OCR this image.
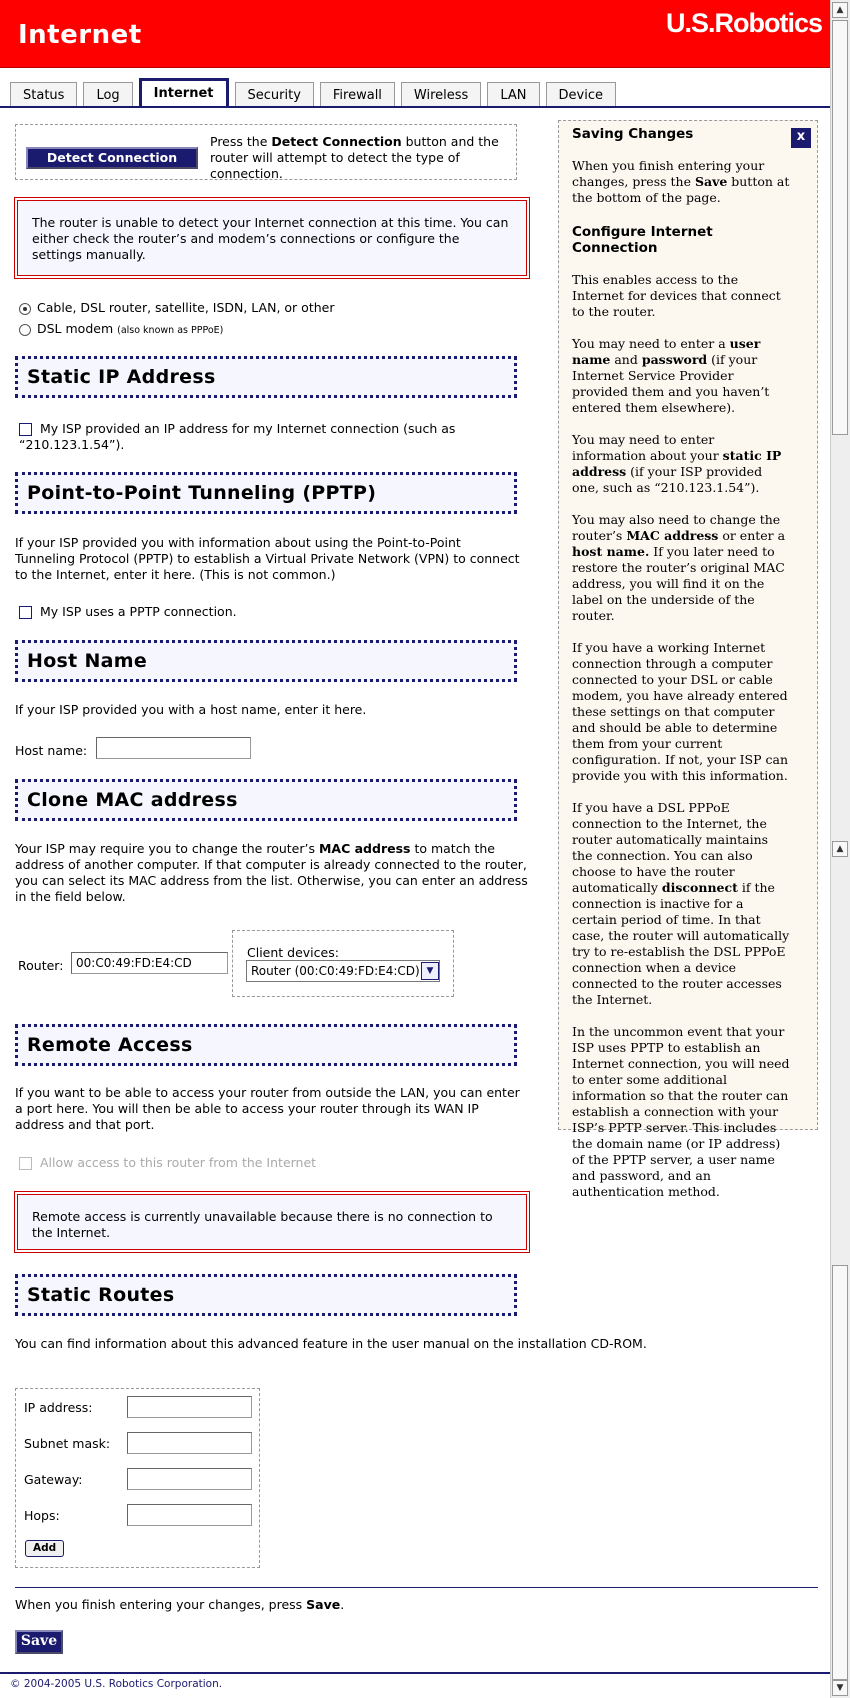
Internet	U.S.Robotics
Status	Log	Internet	Security	Firewall	Wireless	LAN	Device
Detect Connection
Press the Detect Connection button and the router will attempt to detect the type of connection.
The router is unable to detect your Internet connection at this time. You can either check the router’s and modem’s connections or configure the settings manually.
Cable, DSL router, satellite, ISDN, LAN, or other
DSL modem (also known as PPPoE)
Static IP Address
My ISP provided an IP address for my Internet connection (such as “210.123.1.54”).
Point-to-Point Tunneling (PPTP)
If your ISP provided you with information about using the Point-to-Point Tunneling Protocol (PPTP) to establish a Virtual Private Network (VPN) to connect to the Internet, enter it here. (This is not common.)
My ISP uses a PPTP connection.
Host Name
If your ISP provided you with a host name, enter it here.
Host name:
Clone MAC address
Your ISP may require you to change the router’s MAC address to match the address of another computer. If that computer is already connected to the router, you can select its MAC address from the list. Otherwise, you can enter an address in the field below.
Router:	00:C0:49:FD:E4:CD
Client devices:
Router (00:C0:49:FD:E4:CD) ▼
Remote Access
If you want to be able to access your router from outside the LAN, you can enter a port here. You will then be able to access your router through its WAN IP address and that port.
Allow access to this router from the Internet
Remote access is currently unavailable because there is no connection to the Internet.
Static Routes
You can find information about this advanced feature in the user manual on the installation CD-ROM.
IP address:
Subnet mask:
Gateway:
Hops:
Add
When you finish entering your changes, press Save.
Save
x
Saving Changes
When you finish entering your changes, press the Save button at the bottom of the page.
Configure Internet Connection
This enables access to the Internet for devices that connect to the router.
You may need to enter a user name and password (if your Internet Service Provider provided them and you haven’t entered them elsewhere).
You may need to enter information about your static IP address (if your ISP provided one, such as “210.123.1.54”).
You may also need to change the router’s MAC address or enter a host name. If you later need to restore the router’s original MAC address, you will find it on the label on the underside of the router.
If you have a working Internet connection through a computer connected to your DSL or cable modem, you have already entered these settings on that computer and should be able to determine them from your current configuration. If not, your ISP can provide you with this information.
If you have a DSL PPPoE connection to the Internet, the router automatically maintains the connection. You can also choose to have the router automatically disconnect if the connection is inactive for a certain period of time. In that case, the router will automatically try to re-establish the DSL PPPoE connection when a device connected to the router accesses the Internet.
In the uncommon event that your ISP uses PPTP to establish an Internet connection, you will need to enter some additional information so that the router can establish a connection with your ISP’s PPTP server. This includes the domain name (or IP address) of the PPTP server, a user name and password, and an authentication method.
© 2004-2005 U.S. Robotics Corporation.
▲
▲
▼
